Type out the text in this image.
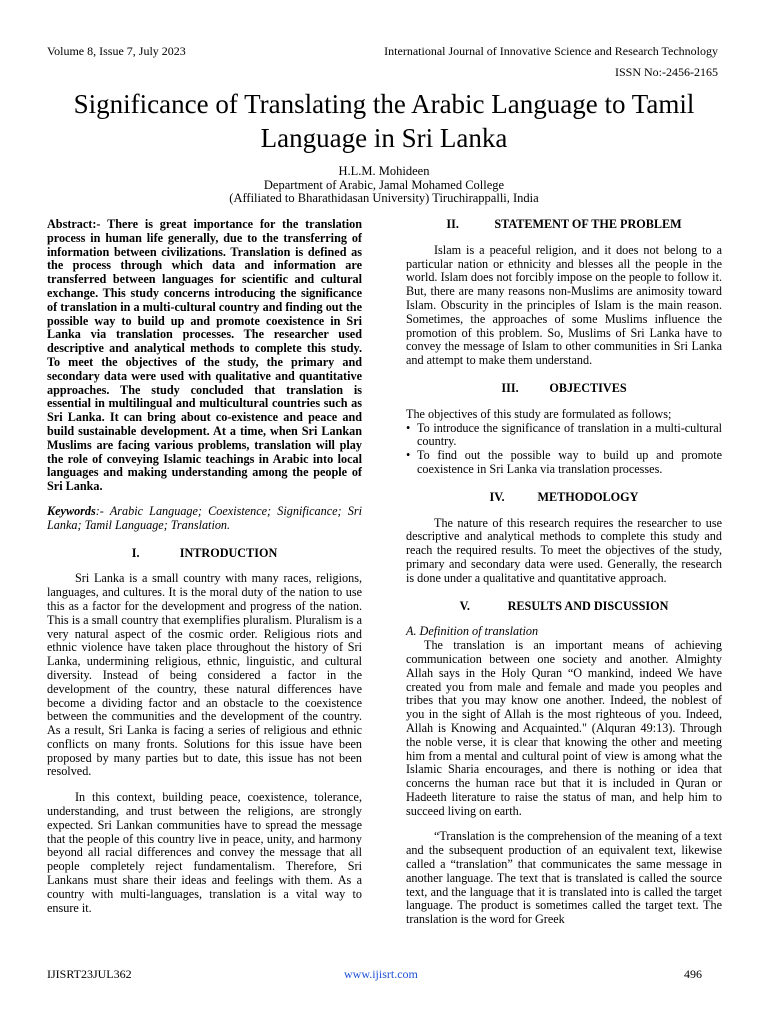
Volume 8, Issue 7, July 2023	International Journal of Innovative Science and Research Technology
ISSN No:-2456-2165
Significance of Translating the Arabic Language to Tamil Language in Sri Lanka
H.L.M. Mohideen
Department of Arabic, Jamal Mohamed College
(Affiliated to Bharathidasan University) Tiruchirappalli, India

Abstract:- There is great importance for the translation process in human life generally, due to the transferring of information between civilizations. Translation is defined as the process through which data and information are transferred between languages for scientific and cultural exchange. This study concerns introducing the significance of translation in a multi-cultural country and finding out the possible way to build up and promote coexistence in Sri Lanka via translation processes. The researcher used descriptive and analytical methods to complete this study. To meet the objectives of the study, the primary and secondary data were used with qualitative and quantitative approaches. The study concluded that translation is essential in multilingual and multicultural countries such as Sri Lanka. It can bring about co-existence and peace and build sustainable development. At a time, when Sri Lankan Muslims are facing various problems, translation will play the role of conveying Islamic teachings in Arabic into local languages and making understanding among the people of Sri Lanka.

Keywords:- Arabic Language; Coexistence; Significance; Sri Lanka; Tamil Language; Translation.

I.	INTRODUCTION

Sri Lanka is a small country with many races, religions, languages, and cultures. It is the moral duty of the nation to use this as a factor for the development and progress of the nation. This is a small country that exemplifies pluralism. Pluralism is a very natural aspect of the cosmic order. Religious riots and ethnic violence have taken place throughout the history of Sri Lanka, undermining religious, ethnic, linguistic, and cultural diversity. Instead of being considered a factor in the development of the country, these natural differences have become a dividing factor and an obstacle to the coexistence between the communities and the development of the country. As a result, Sri Lanka is facing a series of religious and ethnic conflicts on many fronts. Solutions for this issue have been proposed by many parties but to date, this issue has not been resolved.

In this context, building peace, coexistence, tolerance, understanding, and trust between the religions, are strongly expected. Sri Lankan communities have to spread the message that the people of this country live in peace, unity, and harmony beyond all racial differences and convey the message that all people completely reject fundamentalism. Therefore, Sri Lankans must share their ideas and feelings with them. As a country with multi-languages, translation is a vital way to ensure it.

II.	STATEMENT OF THE PROBLEM

Islam is a peaceful religion, and it does not belong to a particular nation or ethnicity and blesses all the people in the world. Islam does not forcibly impose on the people to follow it. But, there are many reasons non-Muslims are animosity toward Islam. Obscurity in the principles of Islam is the main reason. Sometimes, the approaches of some Muslims influence the promotion of this problem. So, Muslims of Sri Lanka have to convey the message of Islam to other communities in Sri Lanka and attempt to make them understand.

III.	OBJECTIVES

The objectives of this study are formulated as follows;

• To introduce the significance of translation in a multi-cultural country.
• To find out the possible way to build up and promote coexistence in Sri Lanka via translation processes.
IV.	METHODOLOGY

The nature of this research requires the researcher to use descriptive and analytical methods to complete this study and reach the required results. To meet the objectives of the study, primary and secondary data were used. Generally, the research is done under a qualitative and quantitative approach.

V.	RESULTS AND DISCUSSION

A. Definition of translation

The translation is an important means of achieving communication between one society and another. Almighty Allah says in the Holy Quran “O mankind, indeed We have created you from male and female and made you peoples and tribes that you may know one another. Indeed, the noblest of you in the sight of Allah is the most righteous of you. Indeed, Allah is Knowing and Acquainted." (Alquran 49:13). Through the noble verse, it is clear that knowing the other and meeting him from a mental and cultural point of view is among what the Islamic Sharia encourages, and there is nothing or idea that concerns the human race but that it is included in Quran or Hadeeth literature to raise the status of man, and help him to succeed living on earth.

“Translation is the comprehension of the meaning of a text and the subsequent production of an equivalent text, likewise called a “translation” that communicates the same message in another language. The text that is translated is called the source text, and the language that it is translated into is called the target language. The product is sometimes called the target text. The translation is the word for Greek

IJISRT23JUL362	www.ijisrt.com	496
